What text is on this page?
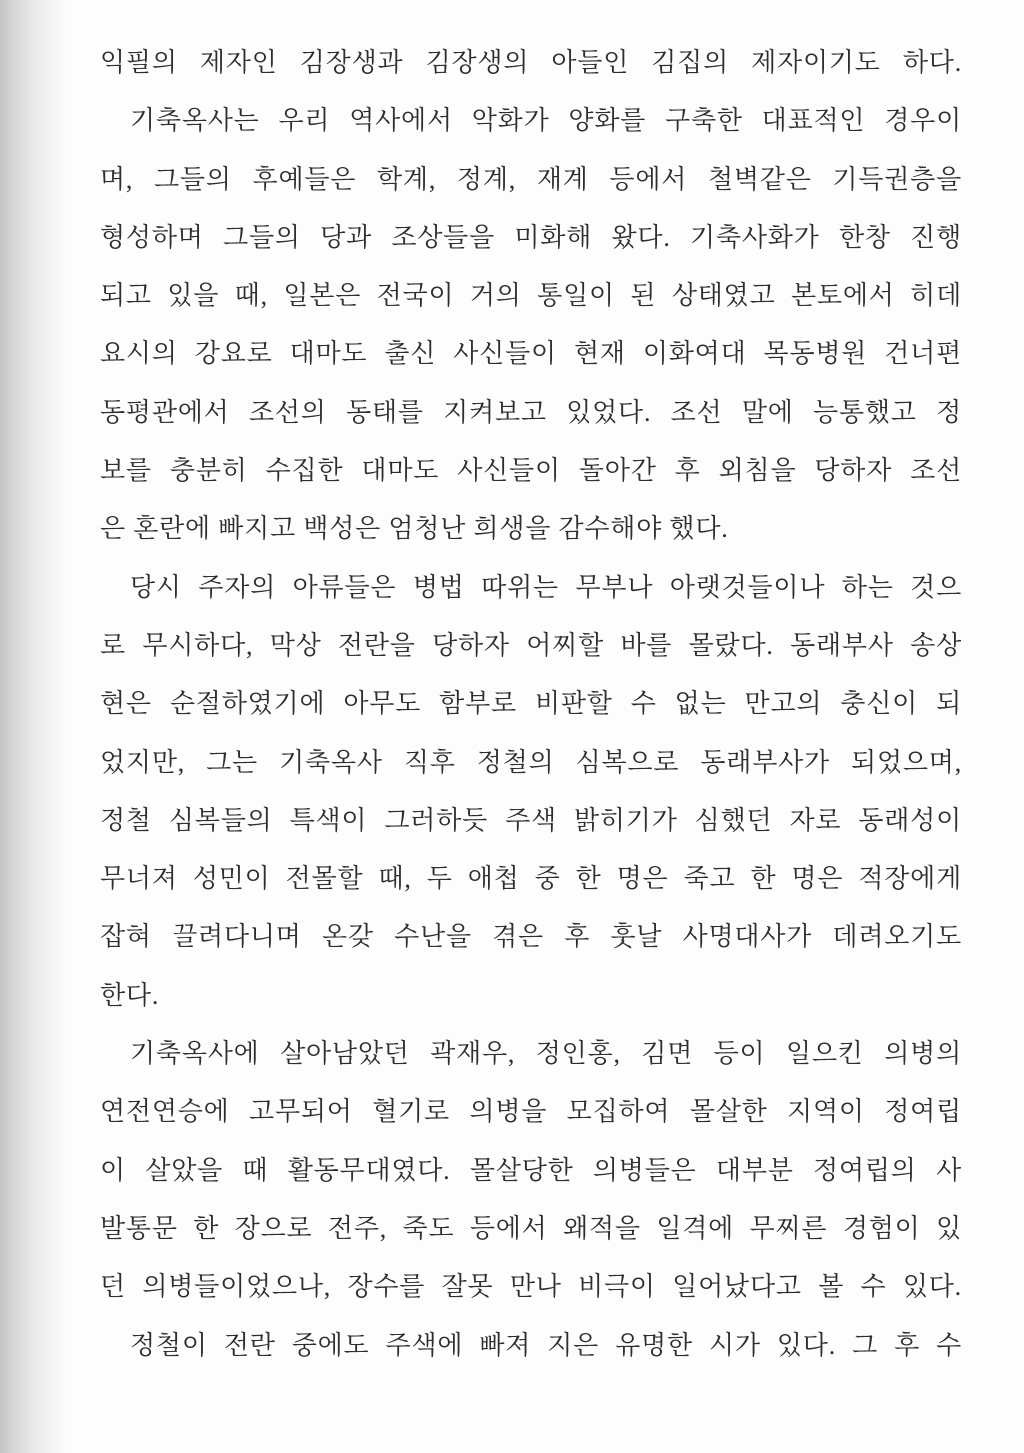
익필의 제자인 김장생과 김장생의 아들인 김집의 제자이기도 하다.
기축옥사는 우리 역사에서 악화가 양화를 구축한 대표적인 경우이
며, 그들의 후예들은 학계, 정계, 재계 등에서 철벽같은 기득권층을
형성하며 그들의 당과 조상들을 미화해 왔다. 기축사화가 한창 진행
되고 있을 때, 일본은 전국이 거의 통일이 된 상태였고 본토에서 히데
요시의 강요로 대마도 출신 사신들이 현재 이화여대 목동병원 건너편
동평관에서 조선의 동태를 지켜보고 있었다. 조선 말에 능통했고 정
보를 충분히 수집한 대마도 사신들이 돌아간 후 외침을 당하자 조선
은 혼란에 빠지고 백성은 엄청난 희생을 감수해야 했다.
당시 주자의 아류들은 병법 따위는 무부나 아랫것들이나 하는 것으
로 무시하다, 막상 전란을 당하자 어찌할 바를 몰랐다. 동래부사 송상
현은 순절하였기에 아무도 함부로 비판할 수 없는 만고의 충신이 되
었지만, 그는 기축옥사 직후 정철의 심복으로 동래부사가 되었으며,
정철 심복들의 특색이 그러하듯 주색 밝히기가 심했던 자로 동래성이
무너져 성민이 전몰할 때, 두 애첩 중 한 명은 죽고 한 명은 적장에게
잡혀 끌려다니며 온갖 수난을 겪은 후 훗날 사명대사가 데려오기도
한다.
기축옥사에 살아남았던 곽재우, 정인홍, 김면 등이 일으킨 의병의
연전연승에 고무되어 혈기로 의병을 모집하여 몰살한 지역이 정여립
이 살았을 때 활동무대였다. 몰살당한 의병들은 대부분 정여립의 사
발통문 한 장으로 전주, 죽도 등에서 왜적을 일격에 무찌른 경험이 있
던 의병들이었으나, 장수를 잘못 만나 비극이 일어났다고 볼 수 있다.
정철이 전란 중에도 주색에 빠져 지은 유명한 시가 있다. 그 후 수
